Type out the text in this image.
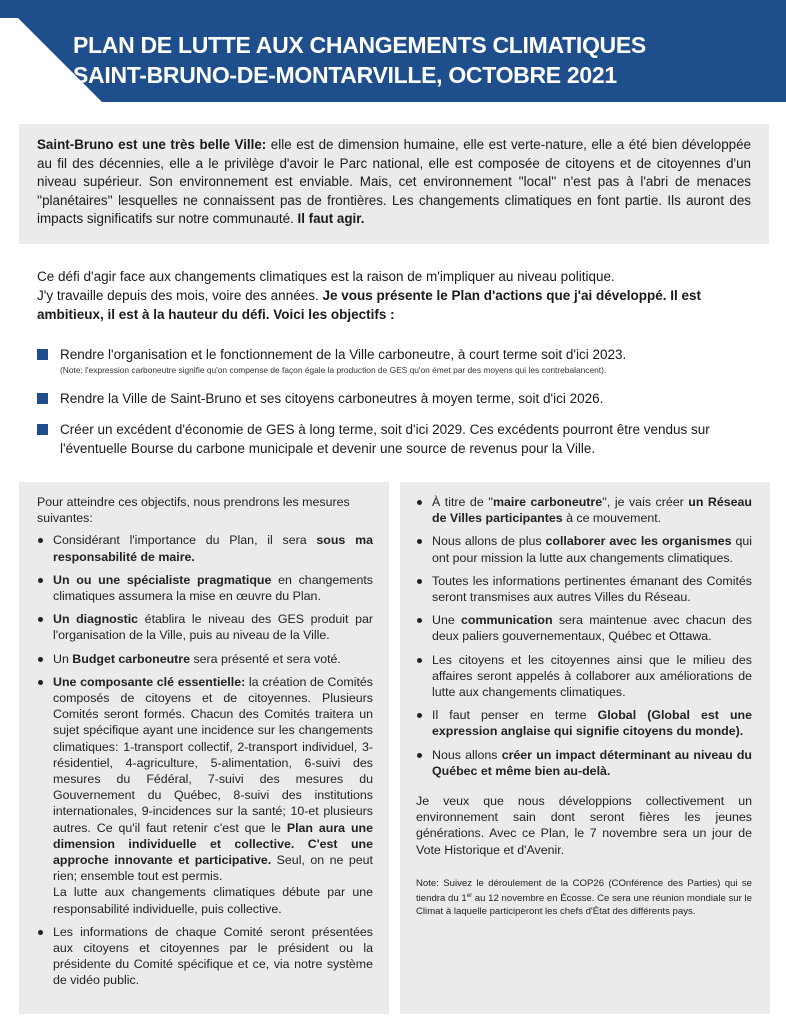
PLAN DE LUTTE AUX CHANGEMENTS CLIMATIQUES
SAINT-BRUNO-DE-MONTARVILLE, OCTOBRE 2021
Saint-Bruno est une très belle Ville: elle est de dimension humaine, elle est verte-nature, elle a été bien développée au fil des décennies, elle a le privilège d'avoir le Parc national, elle est composée de citoyens et de citoyennes d'un niveau supérieur. Son environnement est enviable. Mais, cet environnement ''local'' n'est pas à l'abri de menaces ''planétaires'' lesquelles ne connaissent pas de frontières. Les changements climatiques en font partie. Ils auront des impacts significatifs sur notre communauté. Il faut agir.

Ce défi d'agir face aux changements climatiques est la raison de m'impliquer au niveau politique.
J'y travaille depuis des mois, voire des années. Je vous présente le Plan d'actions que j'ai développé. Il est ambitieux, il est à la hauteur du défi. Voici les objectifs :

Rendre l'organisation et le fonctionnement de la Ville carboneutre, à court terme soit d'ici 2023.
(Note: l'expression carboneutre signifie qu'on compense de façon égale la production de GES qu'on émet par des moyens qui les contrebalancent).
Rendre la Ville de Saint-Bruno et ses citoyens carboneutres à moyen terme, soit d'ici 2026.
Créer un excédent d'économie de GES à long terme, soit d'ici 2029. Ces excédents pourront être vendus sur l'éventuelle Bourse du carbone municipale et devenir une source de revenus pour la Ville.

Pour atteindre ces objectifs, nous prendrons les mesures suivantes:

Considérant l'importance du Plan, il sera sous ma responsabilité de maire.
Un ou une spécialiste pragmatique en changements climatiques assumera la mise en œuvre du Plan.
Un diagnostic établira le niveau des GES produit par l'organisation de la Ville, puis au niveau de la Ville.
Un Budget carboneutre sera présenté et sera voté.
Une composante clé essentielle: la création de Comités composés de citoyens et de citoyennes. Plusieurs Comités seront formés. Chacun des Comités traitera un sujet spécifique ayant une incidence sur les changements climatiques: 1-transport collectif, 2-transport individuel, 3-résidentiel, 4-agriculture, 5-alimentation, 6-suivi des mesures du Fédéral, 7-suivi des mesures du Gouvernement du Québec, 8-suivi des institutions internationales, 9-incidences sur la santé; 10-et plusieurs autres. Ce qu'il faut retenir c'est que le Plan aura une dimension individuelle et collective. C'est une approche innovante et participative. Seul, on ne peut rien; ensemble tout est permis.
La lutte aux changements climatiques débute par une responsabilité individuelle, puis collective.
Les informations de chaque Comité seront présentées aux citoyens et citoyennes par le président ou la présidente du Comité spécifique et ce, via notre système de vidéo public.
À titre de ''maire carboneutre'', je vais créer un Réseau de Villes participantes à ce mouvement.
Nous allons de plus collaborer avec les organismes qui ont pour mission la lutte aux changements climatiques.
Toutes les informations pertinentes émanant des Comités seront transmises aux autres Villes du Réseau.
Une communication sera maintenue avec chacun des deux paliers gouvernementaux, Québec et Ottawa.
Les citoyens et les citoyennes ainsi que le milieu des affaires seront appelés à collaborer aux améliorations de lutte aux changements climatiques.
Il faut penser en terme Global (Global est une expression anglaise qui signifie citoyens du monde).
Nous allons créer un impact déterminant au niveau du Québec et même bien au-delà.

Je veux que nous développions collectivement un environnement sain dont seront fières les jeunes générations. Avec ce Plan, le 7 novembre sera un jour de Vote Historique et d'Avenir.

Note: Suivez le déroulement de la COP26 (COnférence des Parties) qui se tiendra du 1er au 12 novembre en Écosse. Ce sera une réunion mondiale sur le Climat à laquelle participeront les chefs d'État des différents pays.
